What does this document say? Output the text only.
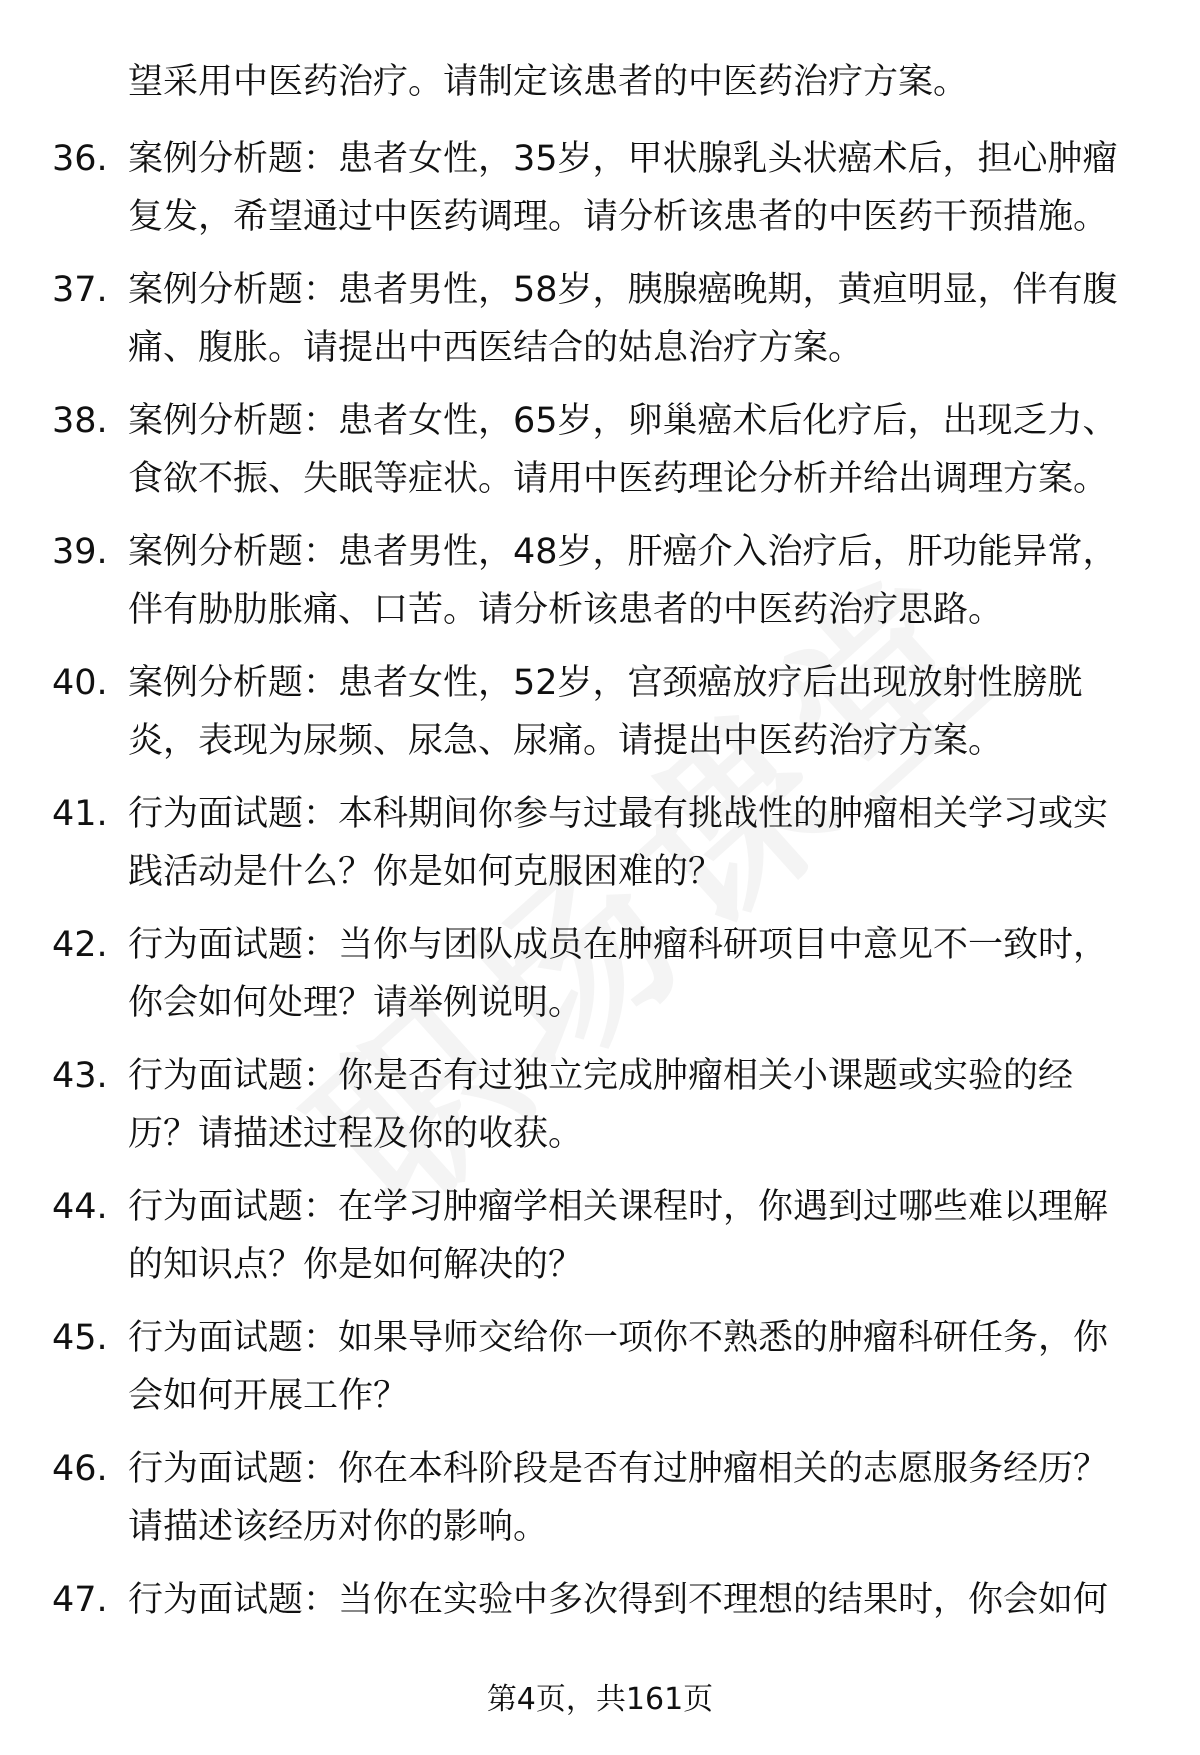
望采用中医药治疗。请制定该患者的中医药治疗方案。
36. 案例分析题：患者女性，35岁，甲状腺乳头状癌术后，担心肿瘤
复发，希望通过中医药调理。请分析该患者的中医药干预措施。
37. 案例分析题：患者男性，58岁，胰腺癌晚期，黄疸明显，伴有腹
痛、腹胀。请提出中西医结合的姑息治疗方案。
38. 案例分析题：患者女性，65岁，卵巢癌术后化疗后，出现乏力、
食欲不振、失眠等症状。请用中医药理论分析并给出调理方案。
39. 案例分析题：患者男性，48岁，肝癌介入治疗后，肝功能异常，
伴有胁肋胀痛、口苦。请分析该患者的中医药治疗思路。
40. 案例分析题：患者女性，52岁，宫颈癌放疗后出现放射性膀胱
炎，表现为尿频、尿急、尿痛。请提出中医药治疗方案。
41. 行为面试题：本科期间你参与过最有挑战性的肿瘤相关学习或实
践活动是什么？你是如何克服困难的？
42. 行为面试题：当你与团队成员在肿瘤科研项目中意见不一致时，
你会如何处理？请举例说明。
43. 行为面试题：你是否有过独立完成肿瘤相关小课题或实验的经
历？请描述过程及你的收获。
44. 行为面试题：在学习肿瘤学相关课程时，你遇到过哪些难以理解
的知识点？你是如何解决的？
45. 行为面试题：如果导师交给你一项你不熟悉的肿瘤科研任务，你
会如何开展工作？
46. 行为面试题：你在本科阶段是否有过肿瘤相关的志愿服务经历？
请描述该经历对你的影响。
47. 行为面试题：当你在实验中多次得到不理想的结果时，你会如何
第4页，共161页
